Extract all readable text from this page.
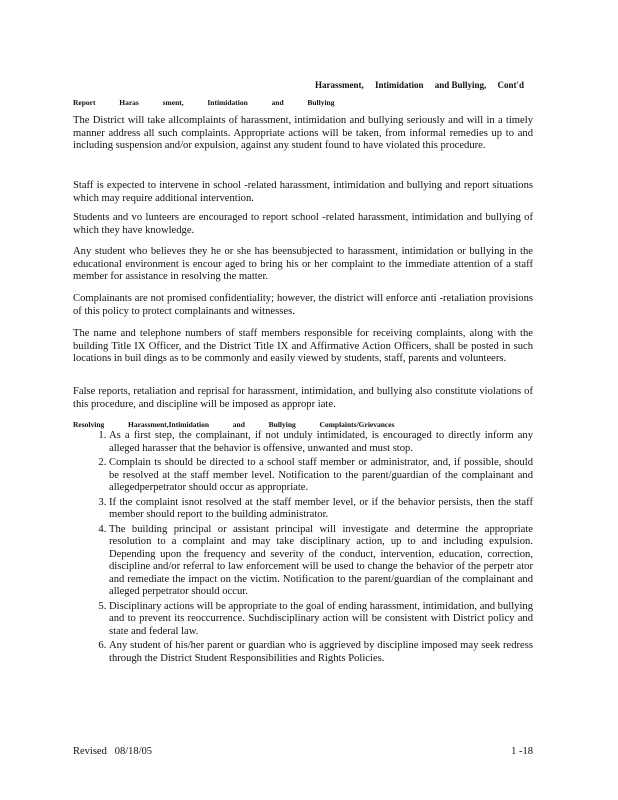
Harassment,     Intimidation     and Bullying,     Cont'd
Report  Haras  sment,  Intimidation  and  Bullying
The District will take allcomplaints of harassment, intimidation and bullying seriously and will in a timely manner address all such complaints. Appropriate actions will be taken, from informal remedies up to and including suspension and/or expulsion, against any student found to have violated this procedure.
Staff is expected to intervene in school -related harassment, intimidation and bullying and report situations which may require additional intervention.
Students and vo lunteers are encouraged to report school -related harassment, intimidation and bullying of which they have knowledge.
Any student who believes they he or she has beensubjected to harassment, intimidation or bullying in the educational environment is encour aged to bring his or her complaint to the immediate attention of a staff member for assistance in resolving the matter.
Complainants are not promised confidentiality; however, the district will enforce anti -retaliation provisions of this policy to protect complainants and witnesses.
The name and telephone numbers of staff members responsible for receiving complaints, along with the building Title IX Officer, and the District Title IX and Affirmative Action Officers, shall be posted in such locations in buil dings as to be commonly and easily viewed by students, staff, parents and volunteers.
False reports, retaliation and reprisal for harassment, intimidation, and bullying also constitute violations of this procedure, and discipline will be imposed as appropr iate.
Resolving  Harassment,Intimidation  and  Bullying  Complaints/Grievances
1. As a first step, the complainant, if not unduly intimidated, is encouraged to directly inform any alleged harasser that the behavior is offensive, unwanted and must stop.
2. Complain ts should be directed to a school staff member or administrator, and, if possible, should be resolved at the staff member level. Notification to the parent/guardian of the complainant and allegedperpetrator should occur as appropriate.
3. If the complaint isnot resolved at the staff member level, or if the behavior persists, then the staff member should report to the building administrator.
4. The building principal or assistant principal will investigate and determine the appropriate resolution to a complaint and may take disciplinary action, up to and including expulsion. Depending upon the frequency and severity of the conduct, intervention, education, correction, discipline and/or referral to law enforcement will be used to change the behavior of the perpetr ator and remediate the impact on the victim. Notification to the parent/guardian of the complainant and alleged perpetrator should occur.
5. Disciplinary actions will be appropriate to the goal of ending harassment, intimidation, and bullying and to prevent its reoccurrence. Suchdisciplinary action will be consistent with District policy and state and federal law.
6. Any student of his/her parent or guardian who is aggrieved by discipline imposed may seek redress through the District Student Responsibilities and Rights Policies.
Revised   08/18/05	1 -18
